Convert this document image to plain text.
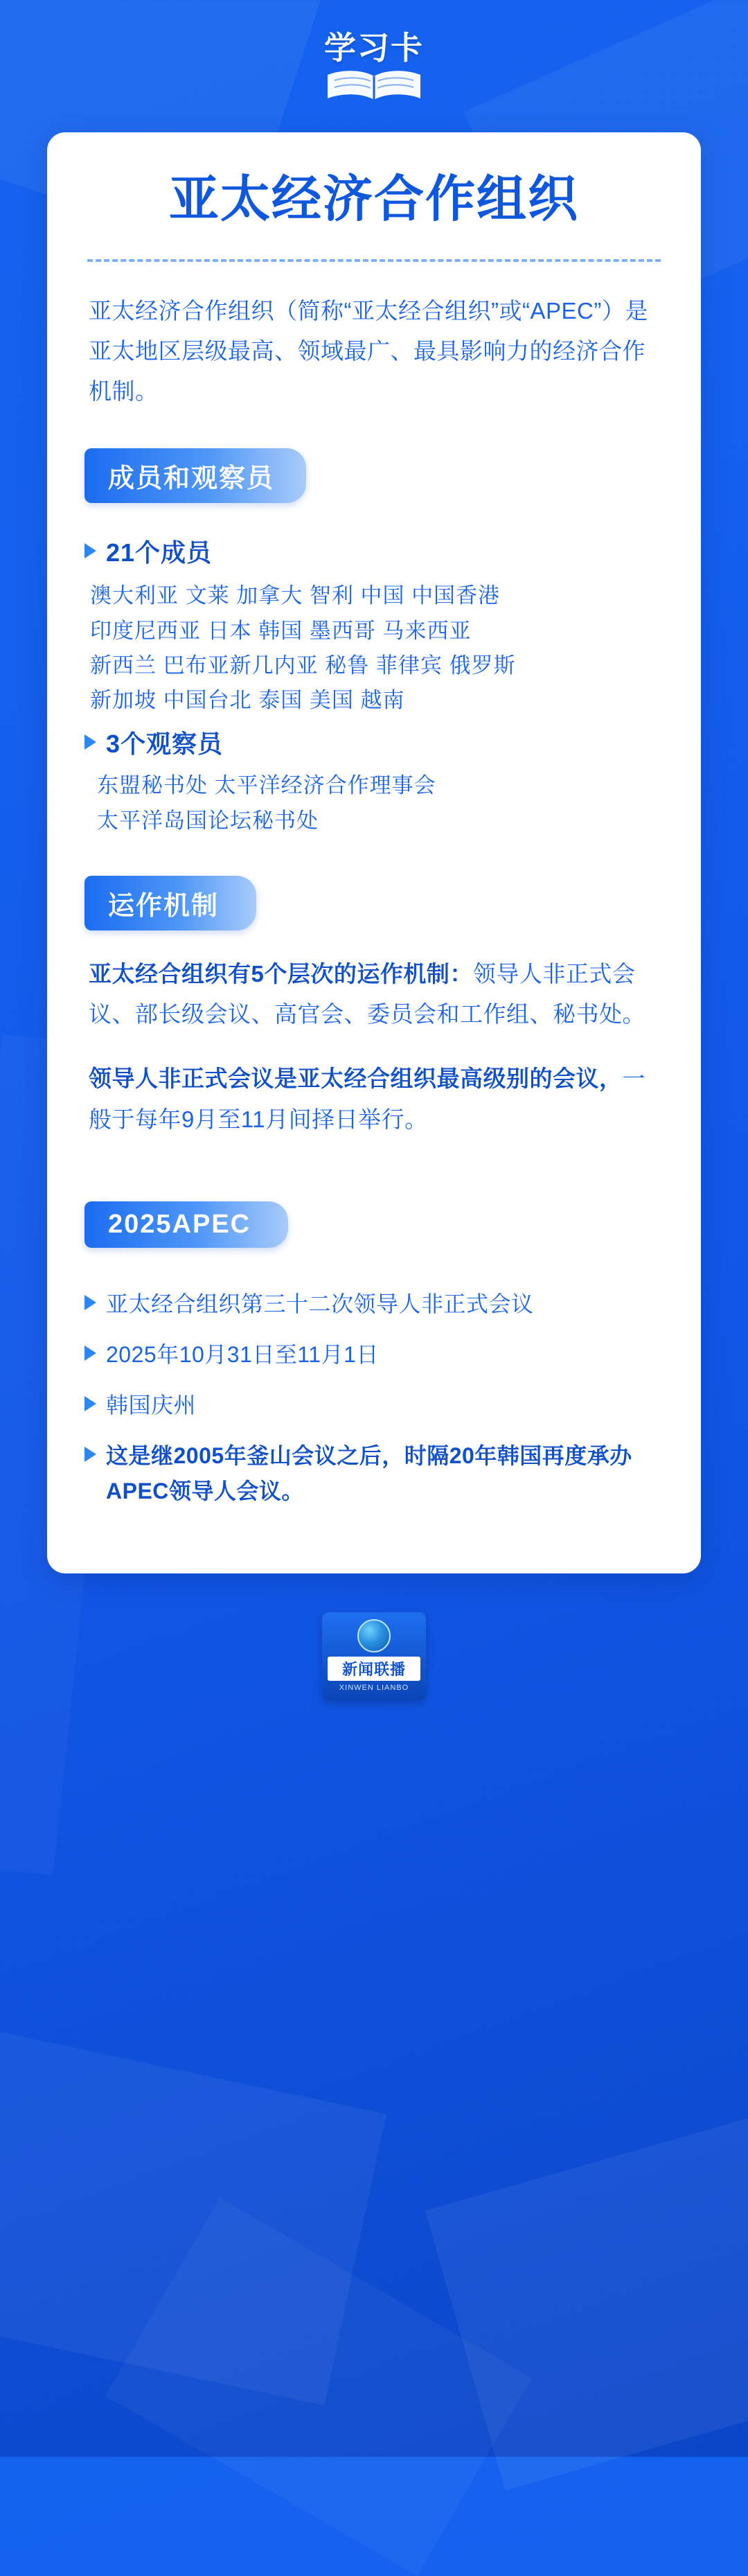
学习卡
亚太经济合作组织
亚太经济合作组织（简称“亚太经合组织”或“APEC”）是亚太地区层级最高、领域最广、最具影响力的经济合作机制。
成员和观察员
21个成员
澳大利亚 文莱 加拿大 智利 中国 中国香港
印度尼西亚 日本 韩国 墨西哥 马来西亚
新西兰 巴布亚新几内亚 秘鲁 菲律宾 俄罗斯
新加坡 中国台北 泰国 美国 越南
3个观察员
东盟秘书处 太平洋经济合作理事会
太平洋岛国论坛秘书处
运作机制
亚太经合组织有5个层次的运作机制：领导人非正式会议、部长级会议、高官会、委员会和工作组、秘书处。
领导人非正式会议是亚太经合组织最高级别的会议，一般于每年9月至11月间择日举行。
2025APEC
亚太经合组织第三十二次领导人非正式会议
2025年10月31日至11月1日
韩国庆州
这是继2005年釜山会议之后，时隔20年韩国再度承办APEC领导人会议。
新闻联播
XINWEN LIANBO
